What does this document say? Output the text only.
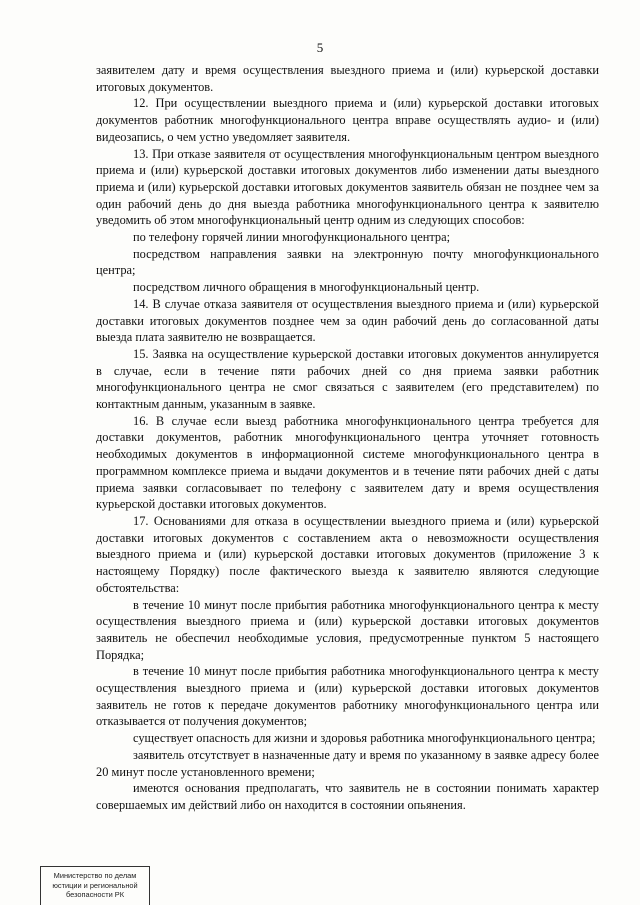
5

заявителем дату и время осуществления выездного приема и (или) курьерской доставки итоговых документов.

12. При осуществлении выездного приема и (или) курьерской доставки итоговых документов работник многофункционального центра вправе осуществлять аудио- и (или) видеозапись, о чем устно уведомляет заявителя.

13. При отказе заявителя от осуществления многофункциональным центром выездного приема и (или) курьерской доставки итоговых документов либо изменении даты выездного приема и (или) курьерской доставки итоговых документов заявитель обязан не позднее чем за один рабочий день до дня выезда работника многофункционального центра к заявителю уведомить об этом многофункциональный центр одним из следующих способов:

по телефону горячей линии многофункционального центра;

посредством направления заявки на электронную почту многофункционального центра;

посредством личного обращения в многофункциональный центр.

14. В случае отказа заявителя от осуществления выездного приема и (или) курьерской доставки итоговых документов позднее чем за один рабочий день до согласованной даты выезда плата заявителю не возвращается.

15. Заявка на осуществление курьерской доставки итоговых документов аннулируется в случае, если в течение пяти рабочих дней со дня приема заявки работник многофункционального центра не смог связаться с заявителем (его представителем) по контактным данным, указанным в заявке.

16. В случае если выезд работника многофункционального центра требуется для доставки документов, работник многофункционального центра уточняет готовность необходимых документов в информационной системе многофункционального центра в программном комплексе приема и выдачи документов и в течение пяти рабочих дней с даты приема заявки согласовывает по телефону с заявителем дату и время осуществления курьерской доставки итоговых документов.

17. Основаниями для отказа в осуществлении выездного приема и (или) курьерской доставки итоговых документов с составлением акта о невозможности осуществления выездного приема и (или) курьерской доставки итоговых документов (приложение 3 к настоящему Порядку) после фактического выезда к заявителю являются следующие обстоятельства:

в течение 10 минут после прибытия работника многофункционального центра к месту осуществления выездного приема и (или) курьерской доставки итоговых документов заявитель не обеспечил необходимые условия, предусмотренные пунктом 5 настоящего Порядка;

в течение 10 минут после прибытия работника многофункционального центра к месту осуществления выездного приема и (или) курьерской доставки итоговых документов заявитель не готов к передаче документов работнику многофункционального центра или отказывается от получения документов;

существует опасность для жизни и здоровья работника многофункционального центра;

заявитель отсутствует в назначенные дату и время по указанному в заявке адресу более 20 минут после установленного времени;

имеются основания предполагать, что заявитель не в состоянии понимать характер совершаемых им действий либо он находится в состоянии опьянения.

Министерство по делам
юстиции и региональной
безопасности РК
